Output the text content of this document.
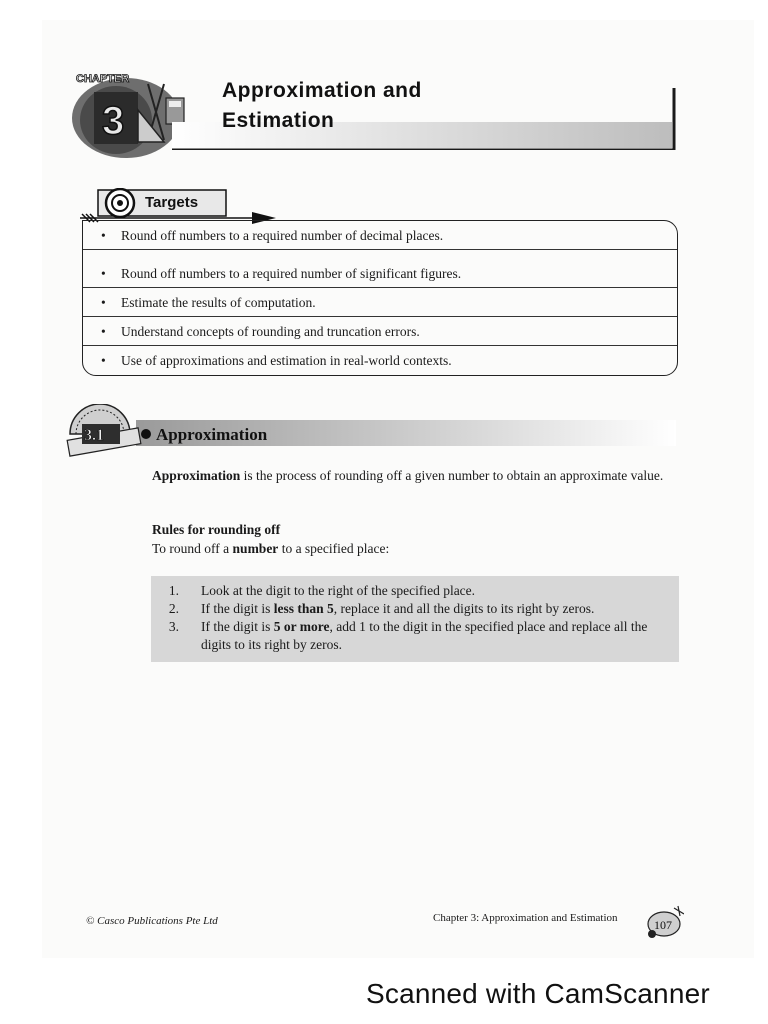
3
CHAPTER	Approximation and
Estimation
Targets
• Round off numbers to a required number of decimal places.
• Round off numbers to a required number of significant figures.
• Estimate the results of computation.
• Understand concepts of rounding and truncation errors.
• Use of approximations and estimation in real-world contexts.
3.1	Approximation
Approximation is the process of rounding off a given number to obtain an approximate value.
Rules for rounding off
To round off a number to a specified place:
1. Look at the digit to the right of the specified place.
2. If the digit is less than 5, replace it and all the digits to its right by zeros.
3. If the digit is 5 or more, add 1 to the digit in the specified place and replace all the digits to its right by zeros.
© Casco Publications Pte Ltd	Chapter 3: Approximation and Estimation	107
Scanned with CamScanner
